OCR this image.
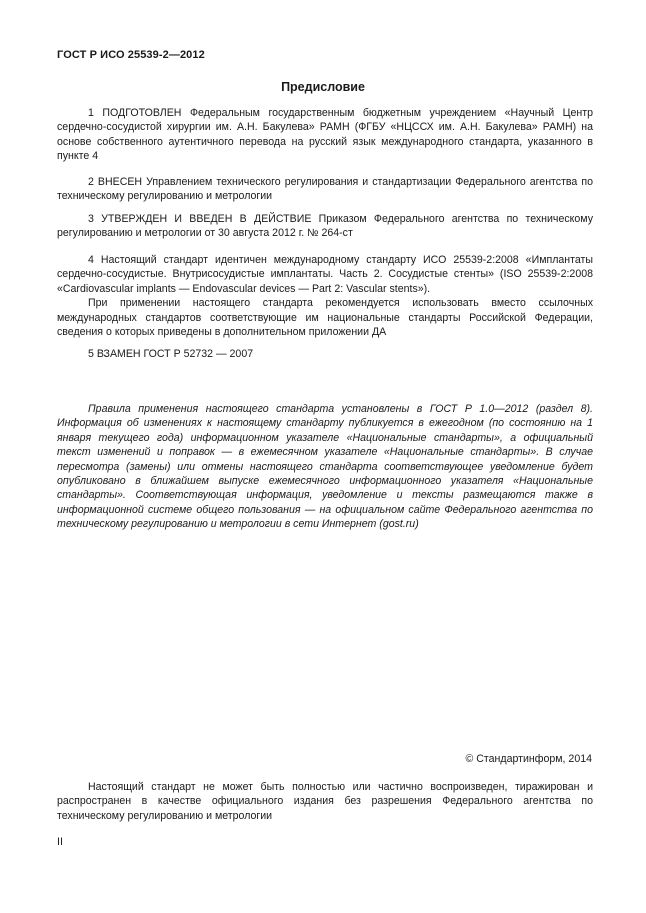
ГОСТ Р ИСО 25539-2—2012
Предисловие

1 ПОДГОТОВЛЕН Федеральным государственным бюджетным учреждением «Научный Центр сердечно-сосудистой хирургии им. А.Н. Бакулева» РАМН (ФГБУ «НЦССХ им. А.Н. Бакулева» РАМН) на основе собственного аутентичного перевода на русский язык международного стандарта, указанного в пункте 4

2 ВНЕСЕН Управлением технического регулирования и стандартизации Федерального агентства по техническому регулированию и метрологии

3 УТВЕРЖДЕН И ВВЕДЕН В ДЕЙСТВИЕ Приказом Федерального агентства по техническому регулированию и метрологии от 30 августа 2012 г. № 264-ст

4 Настоящий стандарт идентичен международному стандарту ИСО 25539-2:2008 «Имплантаты сердечно-сосудистые. Внутрисосудистые имплантаты. Часть 2. Сосудистые стенты» (ISO 25539-2:2008 «Cardiovascular implants — Endovascular devices — Part 2: Vascular stents»).

При применении настоящего стандарта рекомендуется использовать вместо ссылочных международных стандартов соответствующие им национальные стандарты Российской Федерации, сведения о которых приведены в дополнительном приложении ДА

5 ВЗАМЕН ГОСТ Р 52732 — 2007

Правила применения настоящего стандарта установлены в ГОСТ Р 1.0—2012 (раздел 8). Информация об изменениях к настоящему стандарту публикуется в ежегодном (по состоянию на 1 января текущего года) информационном указателе «Национальные стандарты», а официальный текст изменений и поправок — в ежемесячном указателе «Национальные стандарты». В случае пересмотра (замены) или отмены настоящего стандарта соответствующее уведомление будет опубликовано в ближайшем выпуске ежемесячного информационного указателя «Национальные стандарты». Соответствующая информация, уведомление и тексты размещаются также в информационной системе общего пользования — на официальном сайте Федерального агентства по техническому регулированию и метрологии в сети Интернет (gost.ru)

© Стандартинформ, 2014

Настоящий стандарт не может быть полностью или частично воспроизведен, тиражирован и распространен в качестве официального издания без разрешения Федерального агентства по техническому регулированию и метрологии

II
